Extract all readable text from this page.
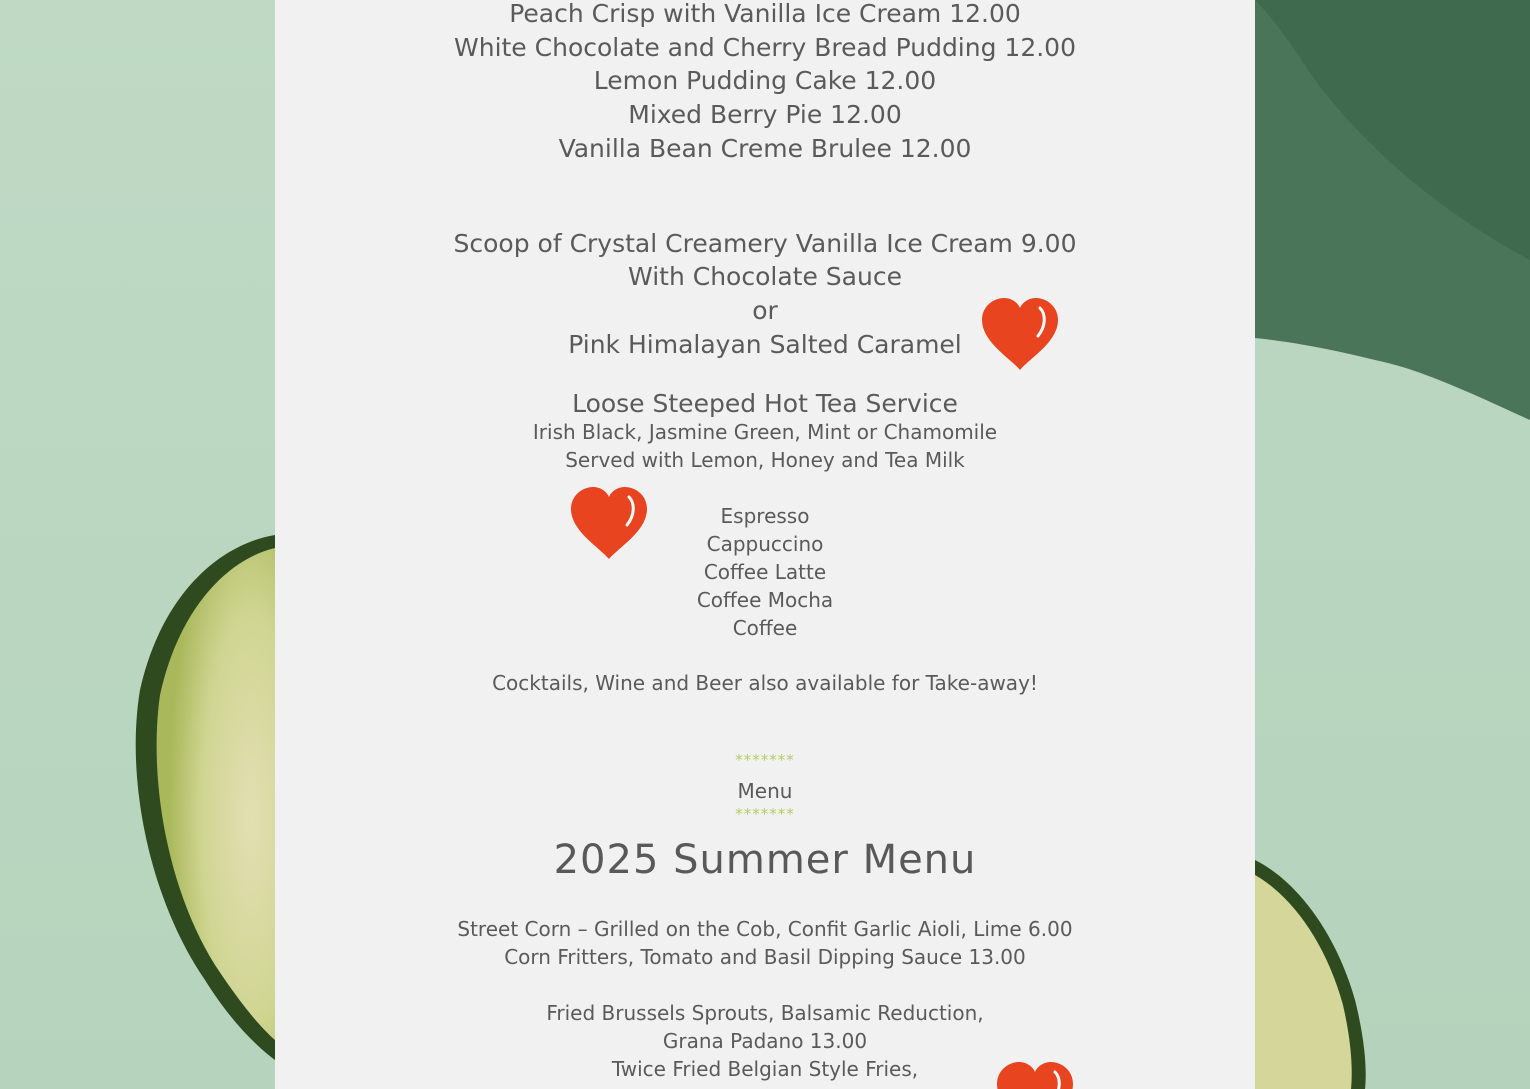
Peach Crisp with Vanilla Ice Cream 12.00
White Chocolate and Cherry Bread Pudding 12.00
Lemon Pudding Cake 12.00
Mixed Berry Pie 12.00
Vanilla Bean Creme Brulee 12.00
Scoop of Crystal Creamery Vanilla Ice Cream 9.00
With Chocolate Sauce
or
Pink Himalayan Salted Caramel
Loose Steeped Hot Tea Service
Irish Black, Jasmine Green, Mint or Chamomile
Served with Lemon, Honey and Tea Milk
Espresso
Cappuccino
Coffee Latte
Coffee Mocha
Coffee
Cocktails, Wine and Beer also available for Take-away!
*******
Menu
*******
2025 Summer Menu
Street Corn – Grilled on the Cob, Confit Garlic Aioli, Lime 6.00
Corn Fritters, Tomato and Basil Dipping Sauce 13.00
Fried Brussels Sprouts, Balsamic Reduction,
Grana Padano 13.00
Twice Fried Belgian Style Fries,
